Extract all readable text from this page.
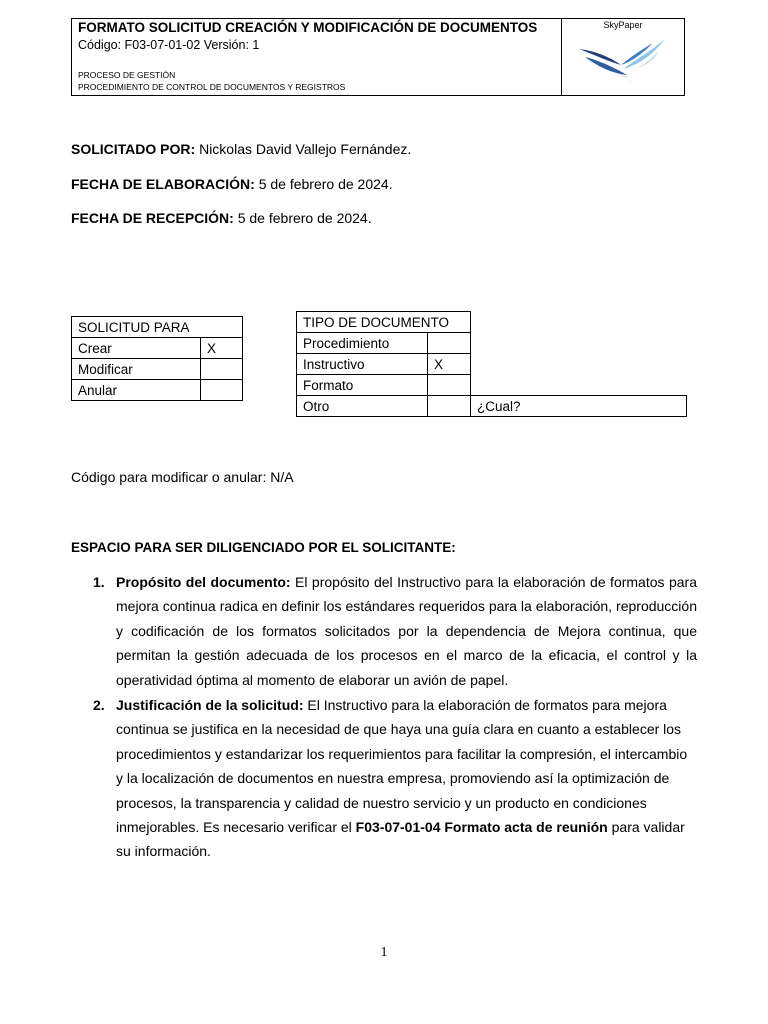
FORMATO SOLICITUD CREACIÓN Y MODIFICACIÓN DE DOCUMENTOS
Código: F03-07-01-02 Versión: 1
PROCESO DE GESTIÓN
PROCEDIMIENTO DE CONTROL DE DOCUMENTOS Y REGISTROS
SkyPaper
SOLICITADO POR: Nickolas David Vallejo Fernández.
FECHA DE ELABORACIÓN: 5 de febrero de 2024.
FECHA DE RECEPCIÓN: 5 de febrero de 2024.
SOLICITUD PARA	
Crear	X
Modificar	
Anular	
TIPO DE DOCUMENTO		
Procedimiento		
Instructivo	X	
Formato		
Otro		¿Cual?
Código para modificar o anular: N/A
ESPACIO PARA SER DILIGENCIADO POR EL SOLICITANTE:
1. Propósito del documento: El propósito del Instructivo para la elaboración de formatos para mejora continua radica en definir los estándares requeridos para la elaboración, reproducción y codificación de los formatos solicitados por la dependencia de Mejora continua, que permitan la gestión adecuada de los procesos en el marco de la eficacia, el control y la operatividad óptima al momento de elaborar un avión de papel.
2. Justificación de la solicitud: El Instructivo para la elaboración de formatos para mejora continua se justifica en la necesidad de que haya una guía clara en cuanto a establecer los procedimientos y estandarizar los requerimientos para facilitar la compresión, el intercambio y la localización de documentos en nuestra empresa, promoviendo así la optimización de procesos, la transparencia y calidad de nuestro servicio y un producto en condiciones inmejorables. Es necesario verificar el F03-07-01-04 Formato acta de reunión para validar su información.
1
